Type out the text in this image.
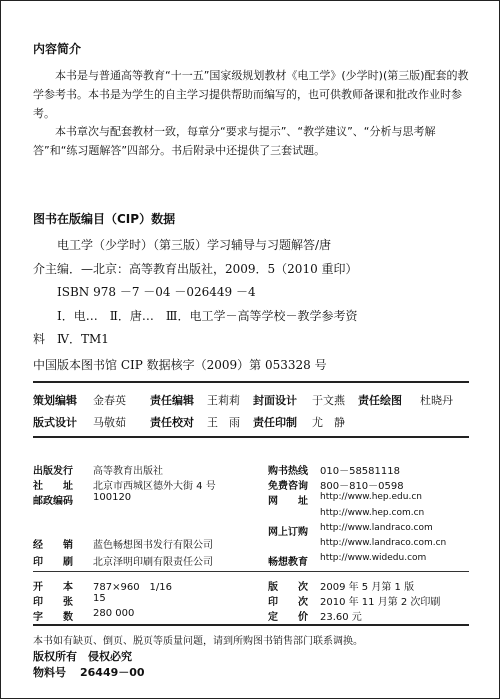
内容简介
本书是与普通高等教育“十一五”国家级规划教材《电工学》(少学时)(第三版)配套的教学参考书。本书是为学生的自主学习提供帮助而编写的，也可供教师备课和批改作业时参考。
本书章次与配套教材一致，每章分“要求与提示”、“教学建议”、“分析与思考解答”和“练习题解答”四部分。书后附录中还提供了三套试题。
图书在版编目（CIP）数据
电工学（少学时）（第三版）学习辅导与习题解答/唐
介主编．—北京：高等教育出版社，2009．5（2010 重印）
ISBN 978 －7 －04 －026449 －4
Ⅰ．电…　Ⅱ．唐…　Ⅲ．电工学－高等学校－教学参考资
料　Ⅳ．TM1
中国版本图书馆 CIP 数据核字（2009）第 053328 号
策划编辑 金春英 责任编辑 王莉莉 封面设计 于文燕 责任绘图 杜晓丹
版式设计 马敬茹 责任校对 王　雨 责任印制 尤　静
出版发行 高等教育出版社
社　　址 北京市西城区德外大街 4 号
邮政编码 100120
购书热线 010－58581118
免费咨询 800－810－0598
网　　址 http://www.hep.edu.cn
http://www.hep.com.cn
网上订购 http://www.landraco.com
http://www.landraco.com.cn
畅想教育 http://www.widedu.com
经　　销 蓝色畅想图书发行有限公司
印　　刷 北京泽明印刷有限责任公司
开　　本 787×960　1/16
印　　张 15
字　　数 280 000
版　　次 2009 年 5 月第 1 版
印　　次 2010 年 11 月第 2 次印刷
定　　价 23.60 元
本书如有缺页、倒页、脱页等质量问题，请到所购图书销售部门联系调换。
版权所有　侵权必究
物料号 26449－00
